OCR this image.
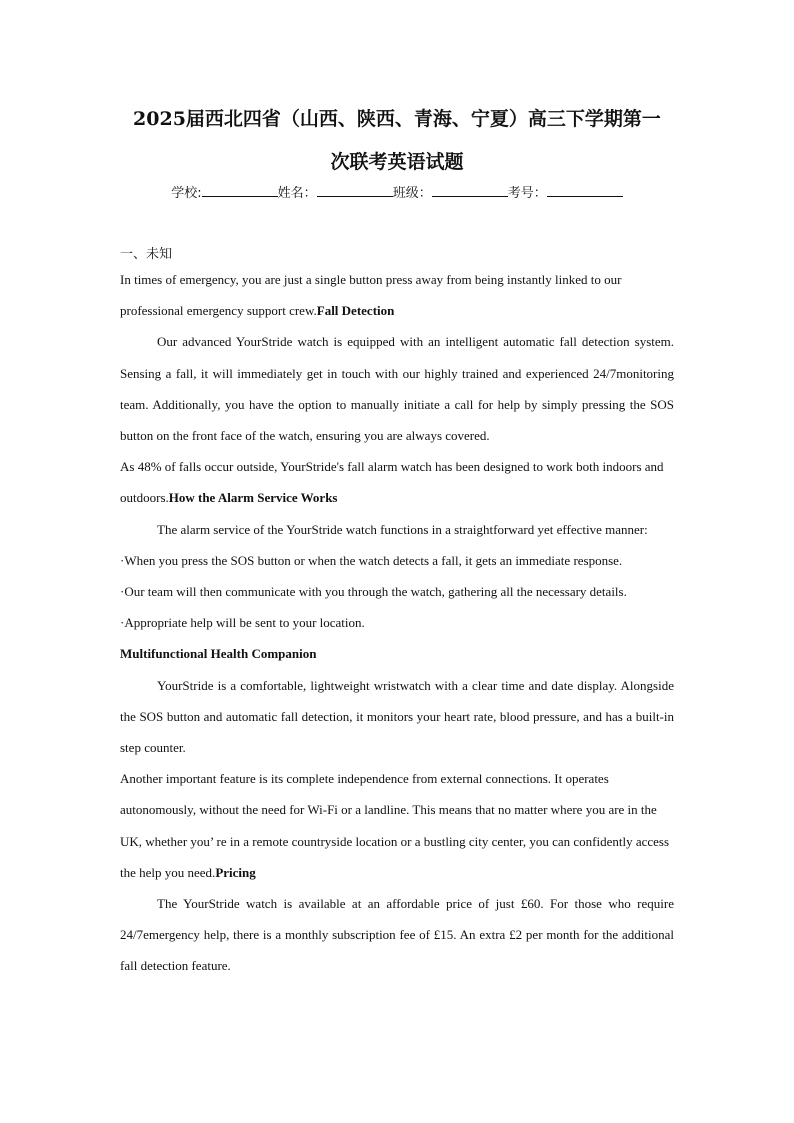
2025届西北四省（山西、陕西、青海、宁夏）高三下学期第一
次联考英语试题
学校:	姓名：	班级：	考号：
一、未知

In times of emergency, you are just a single button press away from being instantly linked to our professional emergency support crew.Fall Detection

Our advanced YourStride watch is equipped with an intelligent automatic fall detection system. Sensing a fall, it will immediately get in touch with our highly trained and experienced 24/7monitoring team. Additionally, you have the option to manually initiate a call for help by simply pressing the SOS button on the front face of the watch, ensuring you are always covered.

As 48% of falls occur outside, YourStride's fall alarm watch has been designed to work both indoors and outdoors.How the Alarm Service Works

The alarm service of the YourStride watch functions in a straightforward yet effective manner:

·When you press the SOS button or when the watch detects a fall, it gets an immediate response.

·Our team will then communicate with you through the watch, gathering all the necessary details.

·Appropriate help will be sent to your location.

Multifunctional Health Companion

YourStride is a comfortable, lightweight wristwatch with a clear time and date display. Alongside the SOS button and automatic fall detection, it monitors your heart rate, blood pressure, and has a built-in step counter.

Another important feature is its complete independence from external connections. It operates autonomously, without the need for Wi-Fi or a landline. This means that no matter where you are in the UK, whether you’ re in a remote countryside location or a bustling city center, you can confidently access the help you need.Pricing

The YourStride watch is available at an affordable price of just £60. For those who require 24/7emergency help, there is a monthly subscription fee of £15. An extra £2 per month for the additional fall detection feature.
